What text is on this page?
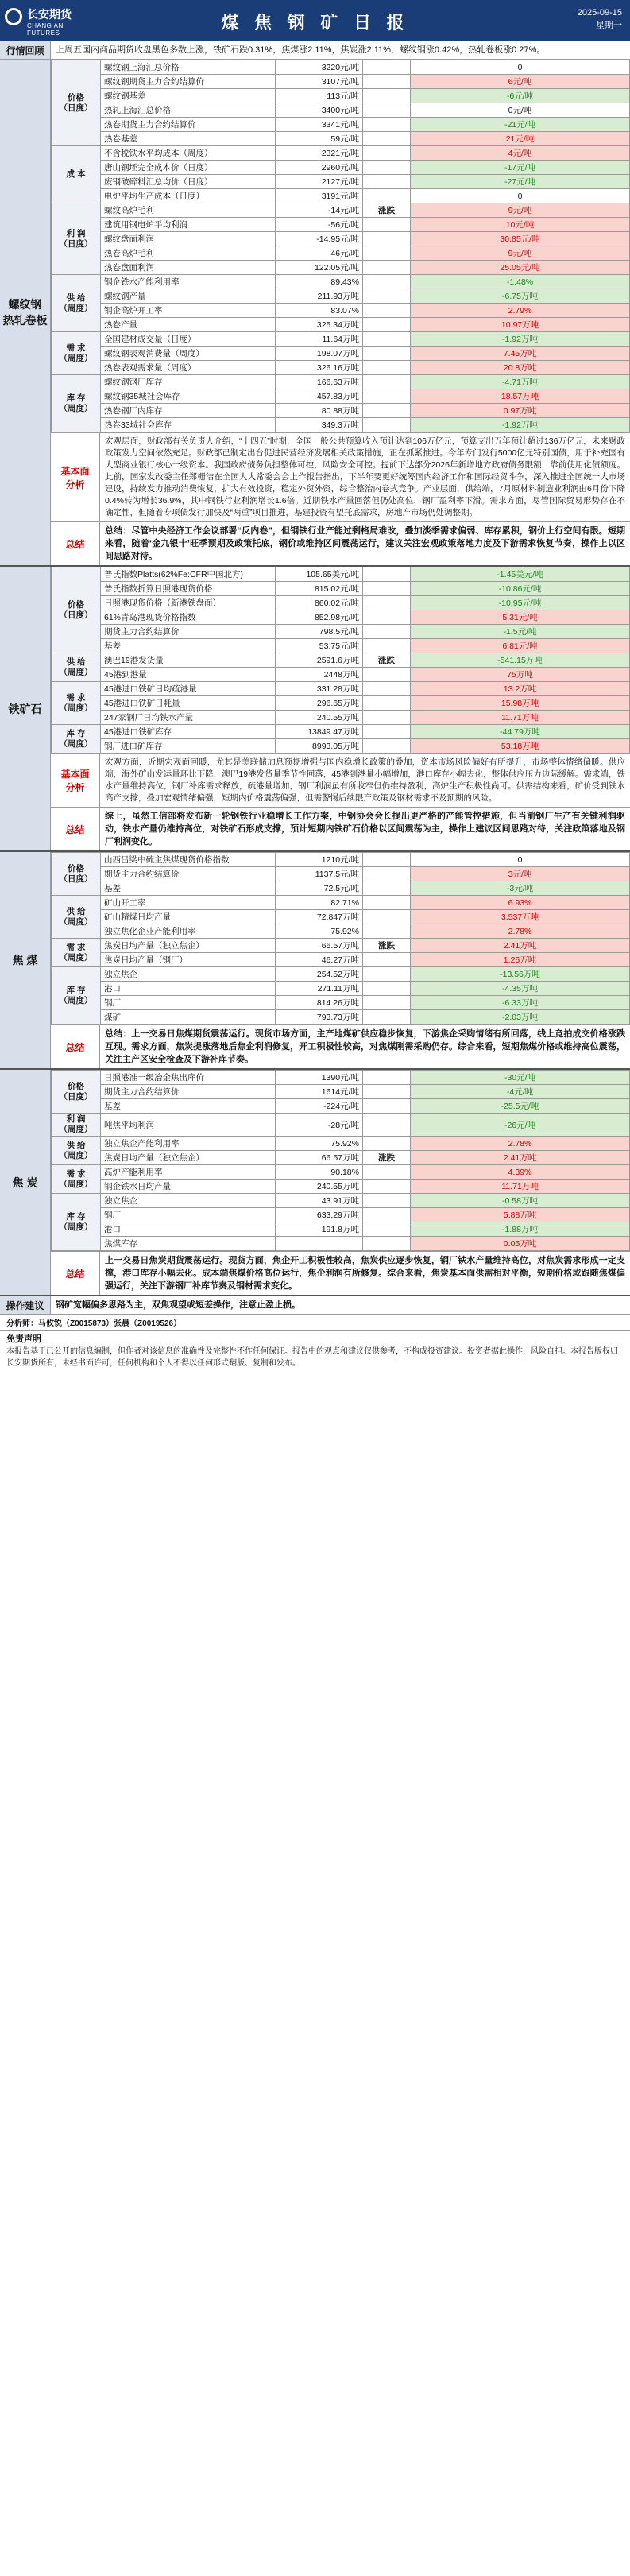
长安期货
CHANG AN FUTURES	煤 焦 钢 矿 日 报	2025-09-15
星期一
行情回顾	上周五国内商品期货收盘黑色多数上涨，铁矿石跌0.31%，焦煤涨2.11%，焦炭涨2.11%，螺纹钢涨0.42%，热轧卷板涨0.27%。
螺纹钢
热轧卷板
价格
（日度）	螺纹钢上海汇总价格	3220元/吨		0
	螺纹钢期货主力合约结算价	3107元/吨		6元/吨
	螺纹钢基差	113元/吨		-6元/吨
	热轧上海汇总价格	3400元/吨		0元/吨
	热卷期货主力合约结算价	3341元/吨		-21元/吨
	热卷基差	59元/吨		21元/吨
成 本	不含税铁水平均成本（周度）	2321元/吨		4元/吨
	唐山钢坯完全成本价（日度）	2960元/吨		-17元/吨
	废钢破碎料汇总均价（日度）	2127元/吨		-27元/吨
	电炉平均生产成本（日度）	3191元/吨		0
利 润
（日度）	螺纹高炉毛利	-14元/吨	涨跌	9元/吨
	建筑用钢电炉平均利润	-56元/吨		10元/吨
	螺纹盘面利润	-14.95元/吨		30.85元/吨
	热卷高炉毛利	46元/吨		9元/吨
	热卷盘面利润	122.05元/吨		25.05元/吨
供 给
（周度）	钢企铁水产能利用率	89.43%		-1.48%
	螺纹钢产量	211.93万吨		-6.75万吨
	钢企高炉开工率	83.07%		2.79%
	热卷产量	325.34万吨		10.97万吨
需 求
（周度）	全国建材成交量（日度）	11.64万吨		-1.92万吨
	螺纹钢表观消费量（周度）	198.07万吨		7.45万吨
	热卷表观需求量（周度）	326.16万吨		20.8万吨
库 存
（周度）	螺纹钢钢厂库存	166.63万吨		-4.71万吨
	螺纹钢35城社会库存	457.83万吨		18.57万吨
	热卷钢厂内库存	80.88万吨		0.97万吨
	热卷33城社会库存	349.3万吨		-1.92万吨
基本面
分析
宏观层面，财政部有关负责人介绍，“十四五”时期，全国一般公共预算收入预计达到106万亿元，预算支出五年预计超过136万亿元，未来财政政策发力空间依然充足。财政部已制定出台促进民营经济发展相关政策措施，正在抓紧推进。今年专门发行5000亿元特别国债，用于补充国有大型商业银行核心一级资本。我国政府债务负担整体可控，风险安全可控。提前下达部分2026年新增地方政府债务限额，靠前使用化债额度。此前，国家发改委主任郑栅洁在全国人大常委会会上作报告指出，下半年要更好统筹国内经济工作和国际经贸斗争，深入推进全国统一大市场建设，持续发力推动消费恢复，扩大有效投资，稳定外贸外资，综合整治内卷式竞争。产业层面，供给端，7月原材料制造业利润由6月份下降0.4%转为增长36.9%，其中钢铁行业利润增长1.6倍。近期铁水产量回落但仍处高位，钢厂盈利率下滑。需求方面，尽管国际贸易形势存在不确定性，但随着专项债发行加快及“两重”项目推进，基建投资有望托底需求，房地产市场仍处调整期。
总结
总结：尽管中央经济工作会议部署“反内卷”，但钢铁行业产能过剩格局难改，叠加淡季需求偏弱、库存累积，钢价上行空间有限。短期来看，随着‘金九银十’旺季预期及政策托底，钢价或维持区间震荡运行，建议关注宏观政策落地力度及下游需求恢复节奏，操作上以区间思路对待。
铁矿石
价格
（日度）	普氏指数Platts(62%Fe:CFR中国北方)	105.65美元/吨		-1.45美元/吨
	普氏指数折算日照港现货价格	815.02元/吨		-10.86元/吨
	日照港现货价格（新港铁盘面）	860.02元/吨		-10.95元/吨
	61%青岛港现货价格指数	852.98元/吨		5.31元/吨
	期货主力合约结算价	798.5元/吨		-1.5元/吨
	基差	53.75元/吨		6.81元/吨
供 给
（周度）	澳巴19港发货量	2591.6万吨	涨跌	-541.15万吨
	45港到港量	2448万吨		75万吨
需 求
（周度）	45港进口铁矿日均疏港量	331.28万吨		13.2万吨
	45港进口铁矿日耗量	296.65万吨		15.98万吨
	247家钢厂日均铁水产量	240.55万吨		11.71万吨
库 存
（周度）	45港进口铁矿库存	13849.47万吨		-44.79万吨
	钢厂进口矿库存	8993.05万吨		53.18万吨
基本面
分析
宏观方面，近期宏观面回暖，尤其是美联储加息预期增强与国内稳增长政策的叠加，资本市场风险偏好有所提升，市场整体情绪偏暖。供应端，海外矿山发运量环比下降，澳巴19港发货量季节性回落，45港到港量小幅增加，港口库存小幅去化，整体供应压力边际缓解。需求端，铁水产量维持高位，钢厂补库需求释放，疏港量增加，钢厂利润虽有所收窄但仍维持盈利，高炉生产积极性尚可。供需结构来看，矿价受到铁水高产支撑，叠加宏观情绪偏强，短期内价格震荡偏强，但需警惕后续限产政策及钢材需求不及预期的风险。
总结
综上，虽然工信部将发布新一轮钢铁行业稳增长工作方案，中钢协会会长提出更严格的产能管控措施，但当前钢厂生产有关键利润驱动，铁水产量仍维持高位，对铁矿石形成支撑，预计短期内铁矿石价格以区间震荡为主，操作上建议区间思路对待，关注政策落地及钢厂利润变化。
焦 煤
价格
（日度）	山西吕梁中硫主焦煤现货价格指数	1210元/吨		0
	期货主力合约结算价	1137.5元/吨		3元/吨
	基差	72.5元/吨		-3元/吨
供 给
（周度）	矿山开工率	82.71%		6.93%
	矿山精煤日均产量	72.847万吨		3.537万吨
	独立焦化企业产能利用率	75.92%		2.78%
需 求
（周度）	焦炭日均产量（独立焦企）	66.57万吨	涨跌	2.41万吨
	焦炭日均产量（钢厂）	46.27万吨		1.26万吨
库 存
（周度）	独立焦企	254.52万吨		-13.56万吨
	港口	271.11万吨		-4.35万吨
	钢厂	814.26万吨		-6.33万吨
	煤矿	793.73万吨		-2.03万吨
总结
总结：上一交易日焦煤期货震荡运行。现货市场方面，主产地煤矿供应稳步恢复，下游焦企采购情绪有所回落，线上竞拍成交价格涨跌互现。需求方面，焦炭提涨落地后焦企利润修复，开工积极性较高，对焦煤刚需采购仍存。综合来看，短期焦煤价格或维持高位震荡，关注主产区安全检查及下游补库节奏。
焦 炭
价格
（日度）	日照港准一级冶金焦出库价	1390元/吨		-30元/吨
	期货主力合约结算价	1614元/吨		-4元/吨
	基差	-224元/吨		-25.5元/吨
利 润
（周度）	吨焦平均利润	-28元/吨		-26元/吨
供 给
（周度）	独立焦企产能利用率	75.92%		2.78%
	焦炭日均产量（独立焦企）	66.57万吨	涨跌	2.41万吨
需 求
（周度）	高炉产能利用率	90.18%		4.39%
	钢企铁水日均产量	240.55万吨		11.71万吨
库 存
（周度）	独立焦企	43.91万吨		-0.58万吨
	钢厂	633.29万吨		5.88万吨
	港口	191.8万吨		-1.88万吨
	焦煤库存			0.05万吨
总结
上一交易日焦炭期货震荡运行。现货方面，焦企开工积极性较高，焦炭供应逐步恢复，钢厂铁水产量维持高位，对焦炭需求形成一定支撑，港口库存小幅去化。成本端焦煤价格高位运行，焦企利润有所修复。综合来看，焦炭基本面供需相对平衡，短期价格或跟随焦煤偏强运行，关注下游钢厂补库节奏及钢材需求变化。
操作建议	钢矿宽幅偏多思路为主，双焦观望或短差操作，注意止盈止损。
分析师：马攸锐（Z0015873）张晨（Z0019526）
免责声明
本报告基于已公开的信息编制，但作者对该信息的准确性及完整性不作任何保证。报告中的观点和建议仅供参考，不构成投资建议。投资者据此操作，风险自担。本报告版权归长安期货所有，未经书面许可，任何机构和个人不得以任何形式翻版、复制和发布。
